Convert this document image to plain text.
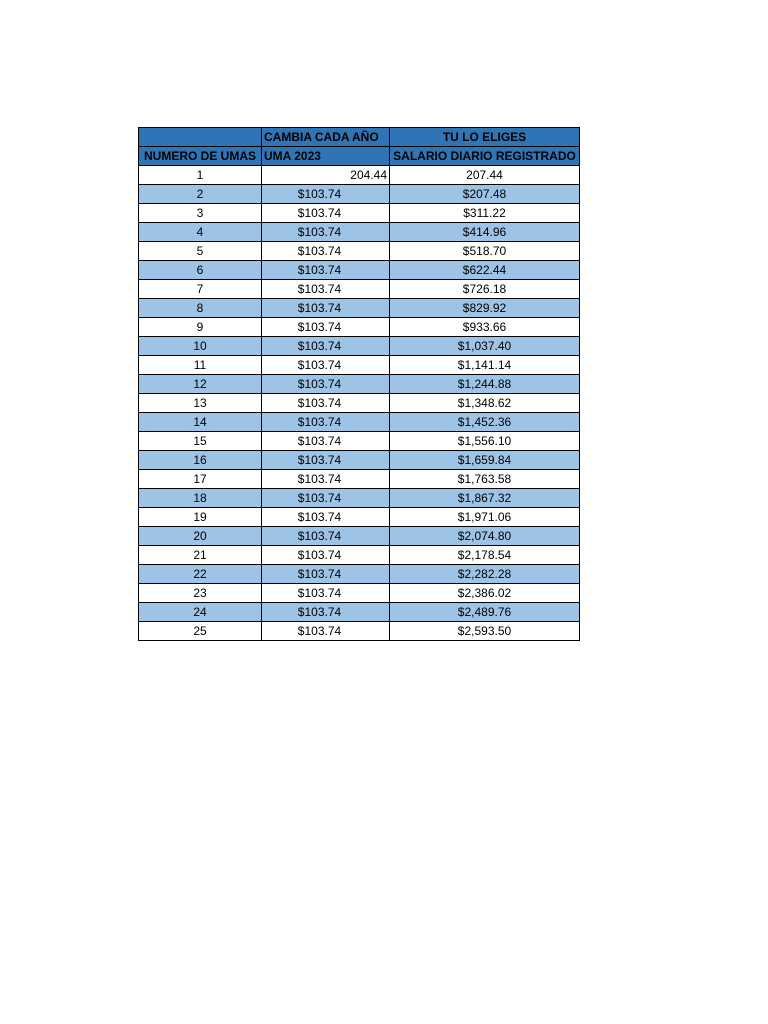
	CAMBIA CADA AÑO	TU LO ELIGES
NUMERO DE UMAS	UMA 2023	SALARIO DIARIO REGISTRADO
1	204.44	207.44
2	$103.74	$207.48
3	$103.74	$311.22
4	$103.74	$414.96
5	$103.74	$518.70
6	$103.74	$622.44
7	$103.74	$726.18
8	$103.74	$829.92
9	$103.74	$933.66
10	$103.74	$1,037.40
11	$103.74	$1,141.14
12	$103.74	$1,244.88
13	$103.74	$1,348.62
14	$103.74	$1,452.36
15	$103.74	$1,556.10
16	$103.74	$1,659.84
17	$103.74	$1,763.58
18	$103.74	$1,867.32
19	$103.74	$1,971.06
20	$103.74	$2,074.80
21	$103.74	$2,178.54
22	$103.74	$2,282.28
23	$103.74	$2,386.02
24	$103.74	$2,489.76
25	$103.74	$2,593.50
